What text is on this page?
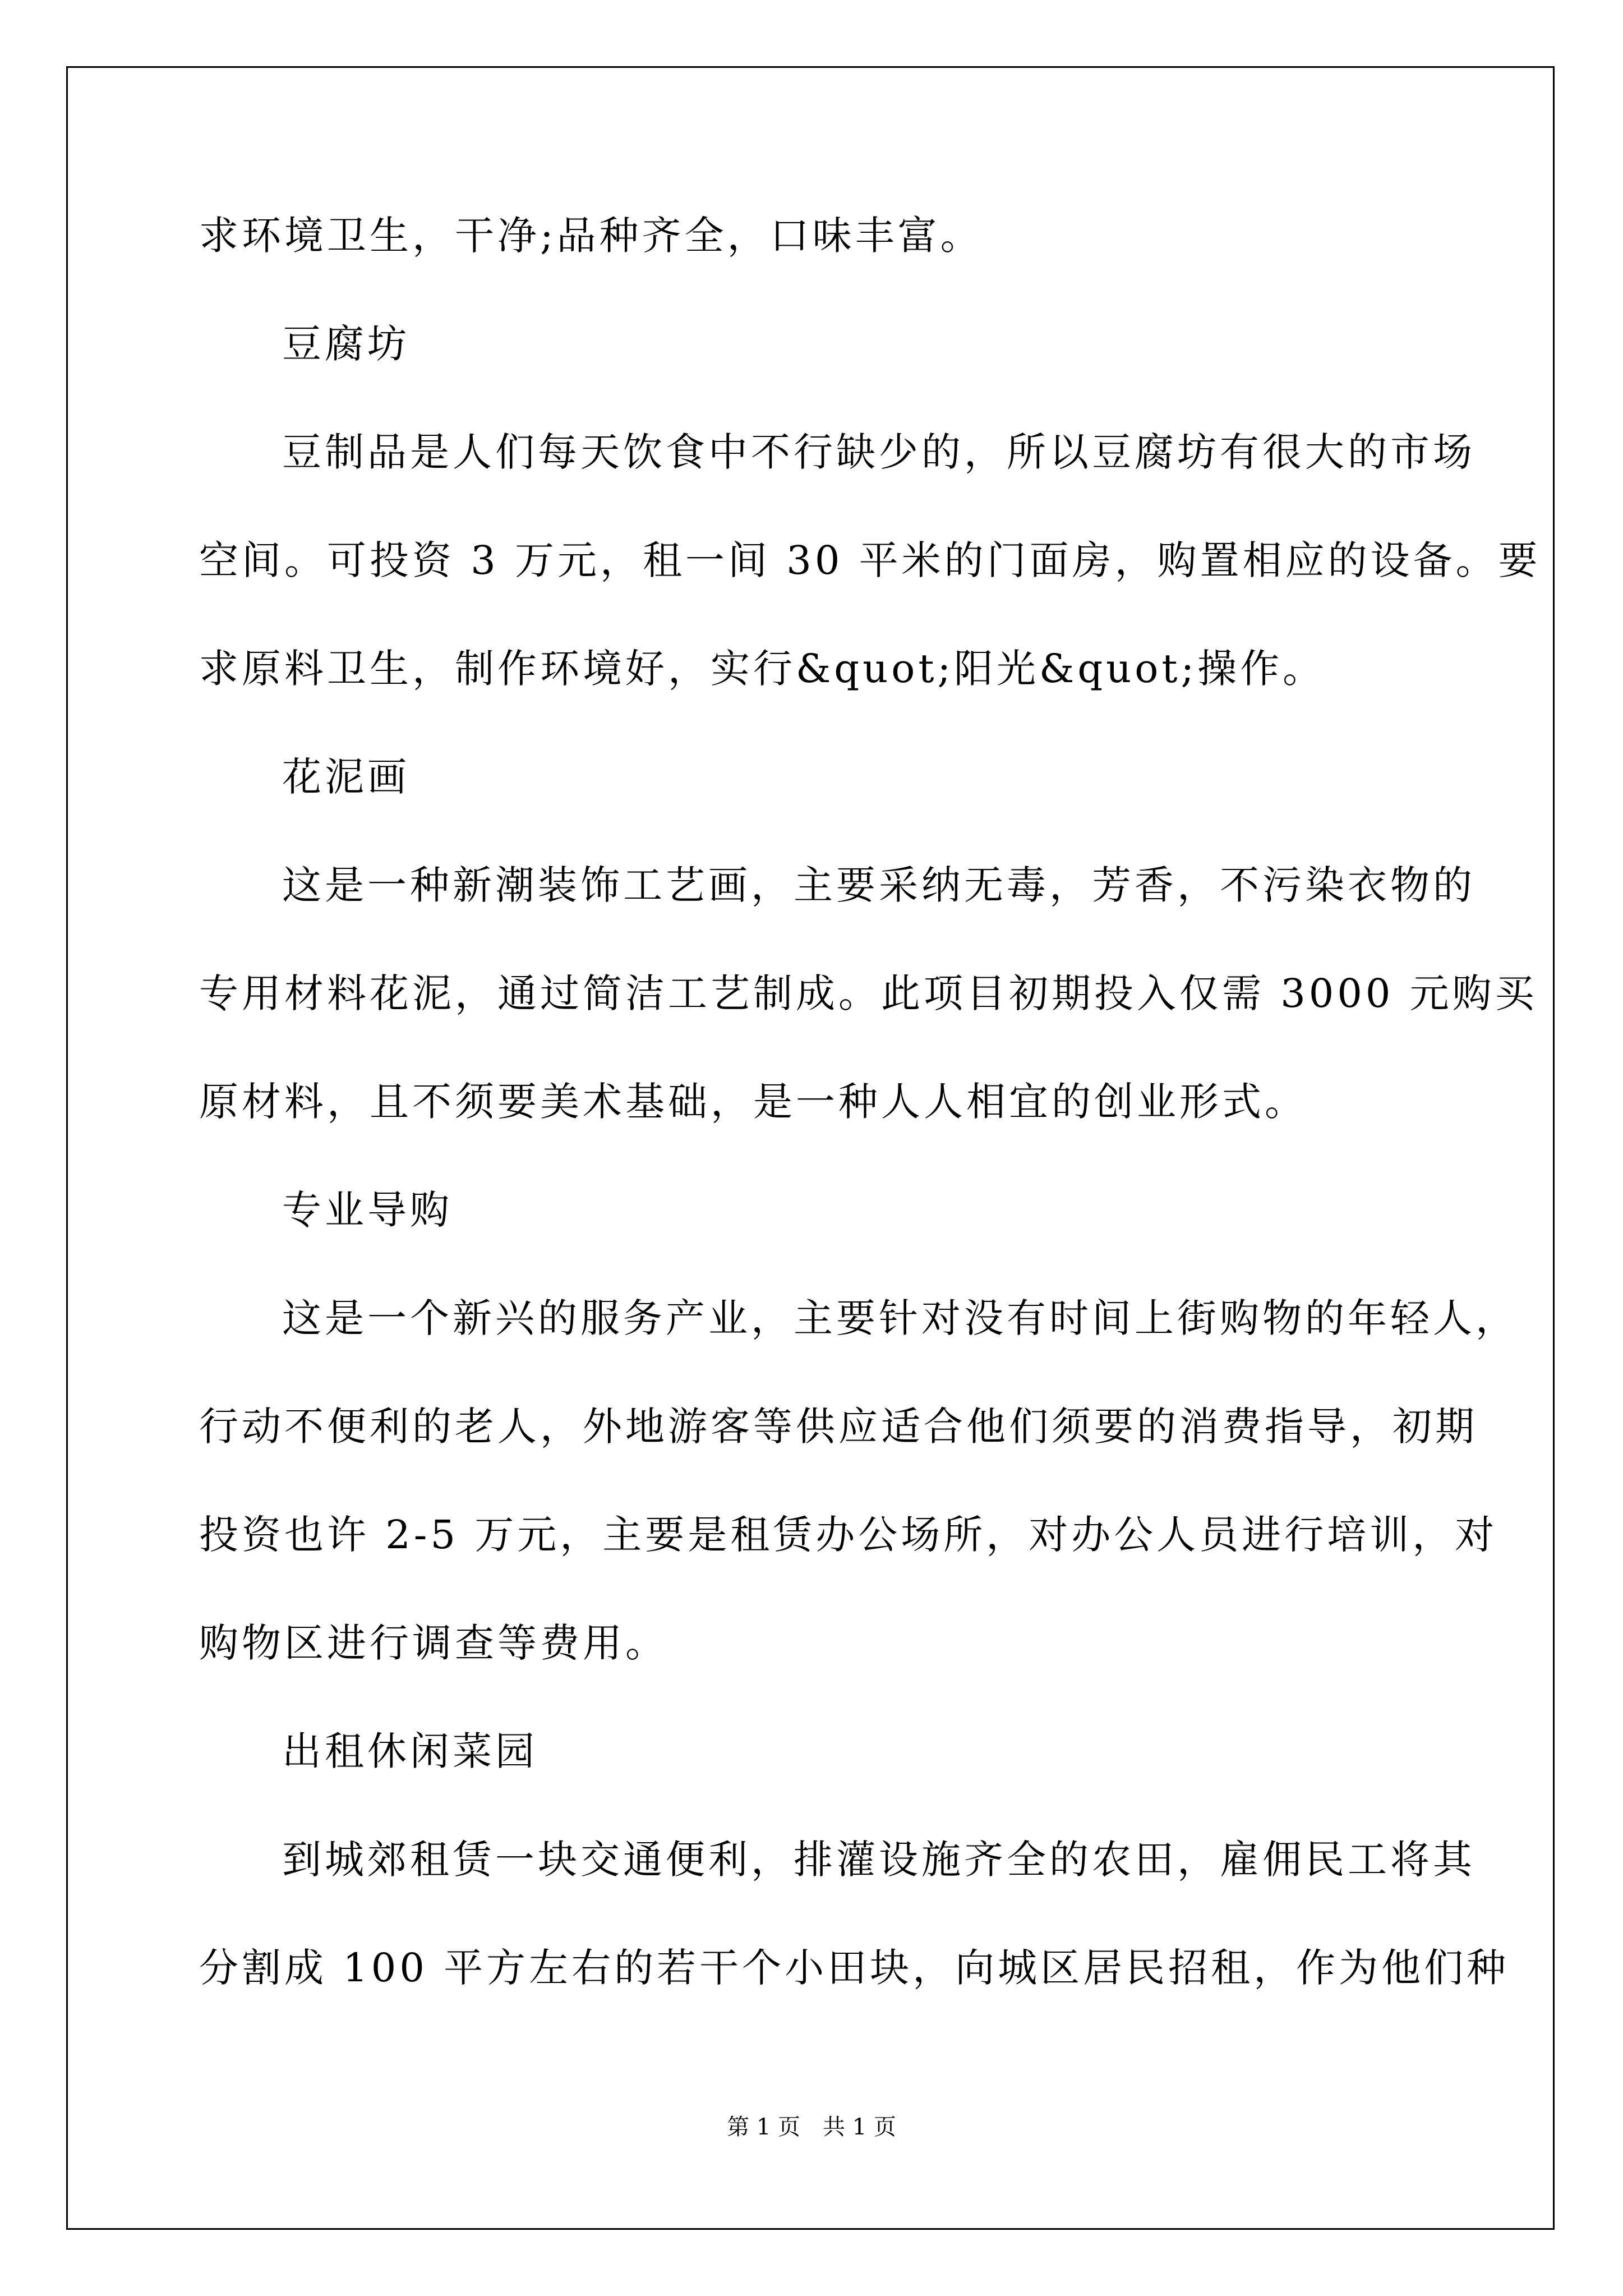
求环境卫生，干净;品种齐全，口味丰富。
豆腐坊
豆制品是人们每天饮食中不行缺少的，所以豆腐坊有很大的市场
空间。可投资 3 万元，租一间 30 平米的门面房，购置相应的设备。要
求原料卫生，制作环境好，实行&quot;阳光&quot;操作。
花泥画
这是一种新潮装饰工艺画，主要采纳无毒，芳香，不污染衣物的
专用材料花泥，通过简洁工艺制成。此项目初期投入仅需 3000 元购买
原材料，且不须要美术基础，是一种人人相宜的创业形式。
专业导购
这是一个新兴的服务产业，主要针对没有时间上街购物的年轻人，
行动不便利的老人，外地游客等供应适合他们须要的消费指导，初期
投资也许 2-5 万元，主要是租赁办公场所，对办公人员进行培训，对
购物区进行调查等费用。
出租休闲菜园
到城郊租赁一块交通便利，排灌设施齐全的农田，雇佣民工将其
分割成 100 平方左右的若干个小田块，向城区居民招租，作为他们种
第 1 页　共 1 页
